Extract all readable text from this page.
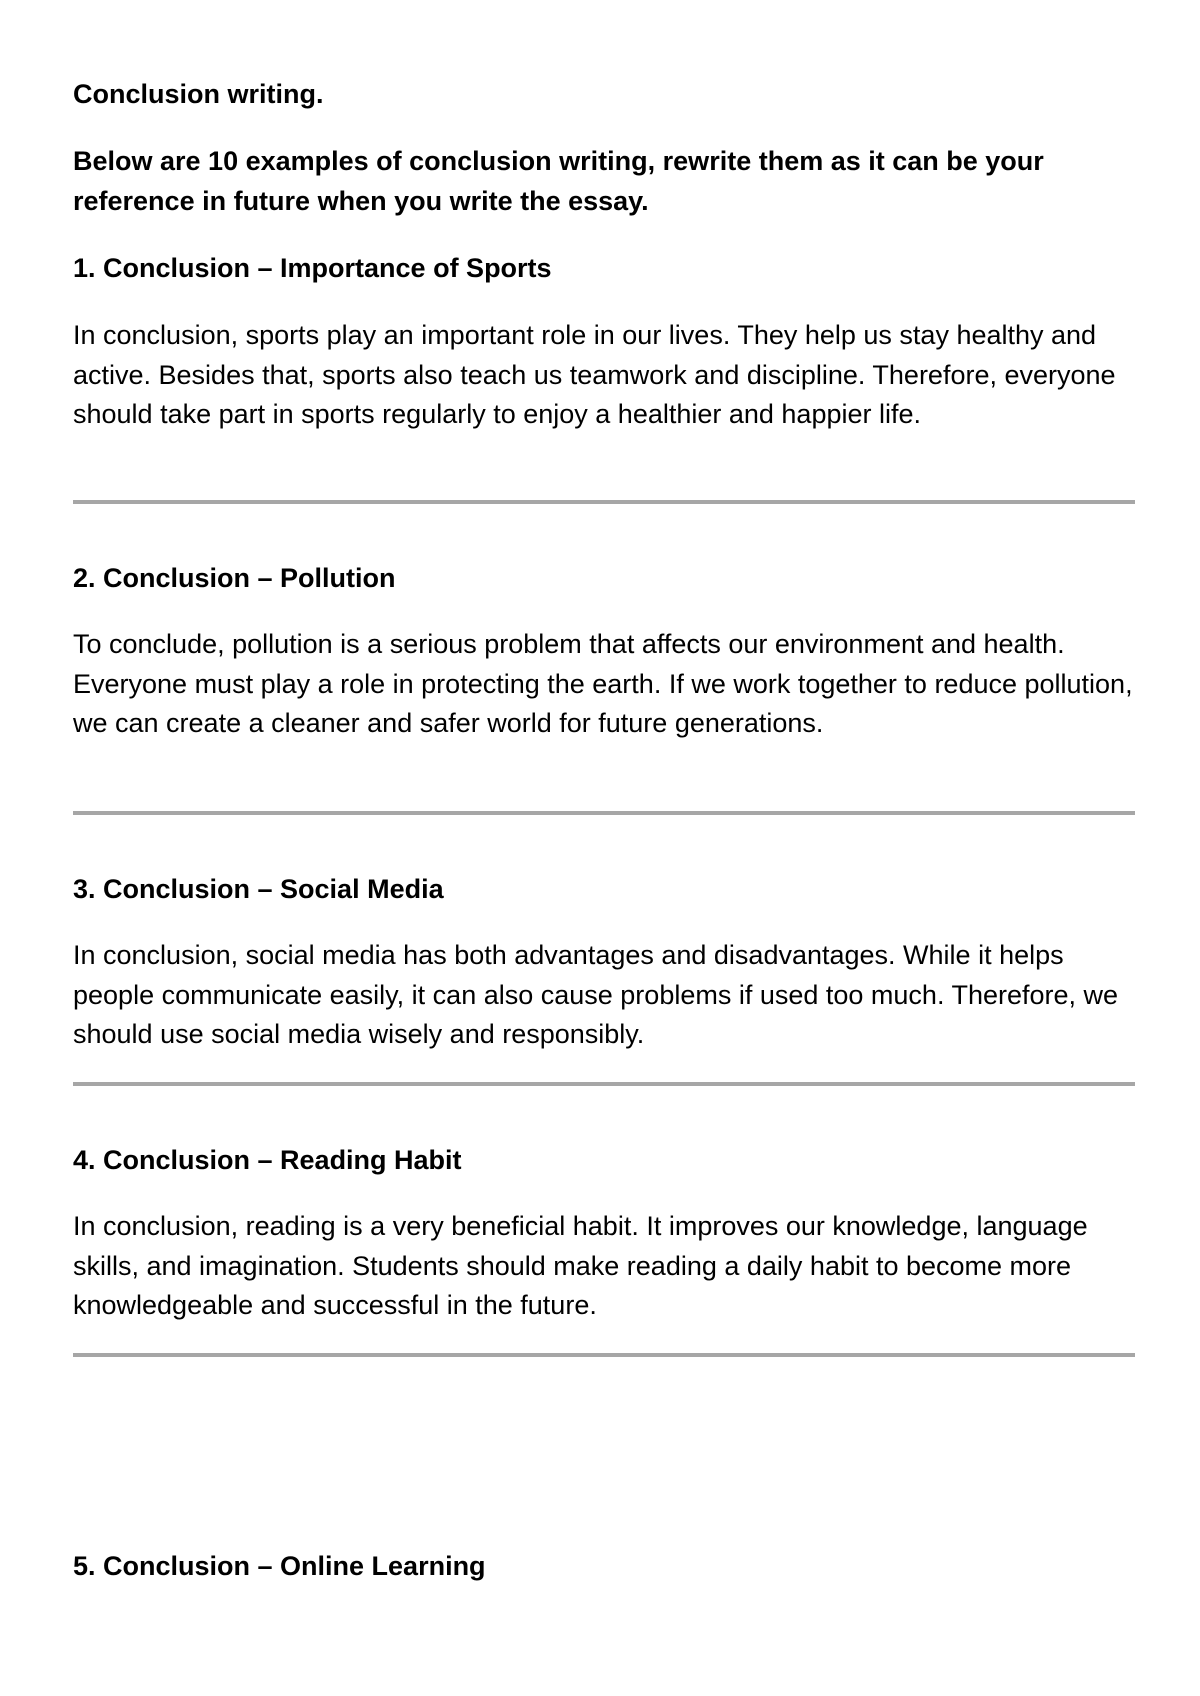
Conclusion writing.
Below are 10 examples of conclusion writing, rewrite them as it can be your reference in future when you write the essay.
1. Conclusion – Importance of Sports
In conclusion, sports play an important role in our lives. They help us stay healthy and active. Besides that, sports also teach us teamwork and discipline. Therefore, everyone should take part in sports regularly to enjoy a healthier and happier life.
2. Conclusion – Pollution
To conclude, pollution is a serious problem that affects our environment and health. Everyone must play a role in protecting the earth. If we work together to reduce pollution, we can create a cleaner and safer world for future generations.
3. Conclusion – Social Media
In conclusion, social media has both advantages and disadvantages. While it helps people communicate easily, it can also cause problems if used too much. Therefore, we should use social media wisely and responsibly.
4. Conclusion – Reading Habit
In conclusion, reading is a very beneficial habit. It improves our knowledge, language skills, and imagination. Students should make reading a daily habit to become more knowledgeable and successful in the future.
5. Conclusion – Online Learning
